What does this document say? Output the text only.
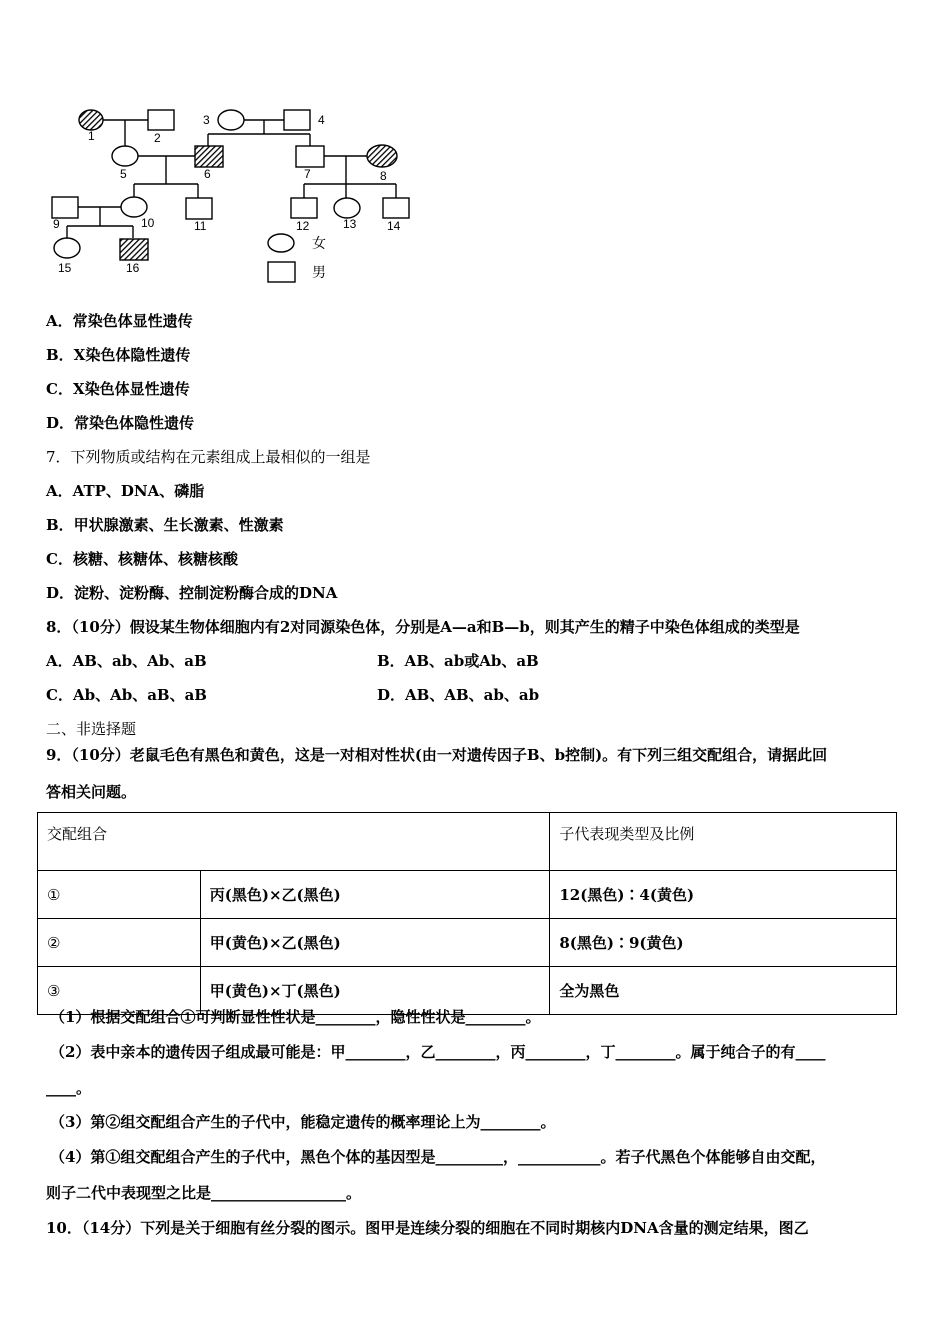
1	2
3	4
5	6	7	8
9	10	11	12	13	14
15	16
女
男
A．常染色体显性遗传
B．X染色体隐性遗传
C．X染色体显性遗传
D．常染色体隐性遗传
7．下列物质或结构在元素组成上最相似的一组是
A．ATP、DNA、磷脂
B．甲状腺激素、生长激素、性激素
C．核糖、核糖体、核糖核酸
D．淀粉、淀粉酶、控制淀粉酶合成的DNA
8．（10分）假设某生物体细胞内有2对同源染色体，分别是A—a和B—b，则其产生的精子中染色体组成的类型是
A．AB、ab、Ab、aB	B．AB、ab或Ab、aB
C．Ab、Ab、aB、aB	D．AB、AB、ab、ab
二、非选择题
9．（10分）老鼠毛色有黑色和黄色，这是一对相对性状(由一对遗传因子B、b控制)。有下列三组交配组合，请据此回
答相关问题。
交配组合		子代表现类型及比例
①	丙(黑色)×乙(黑色)	12(黑色)∶4(黄色)
②	甲(黄色)×乙(黑色)	8(黑色)∶9(黄色)
③	甲(黄色)×丁(黑色)	全为黑色
（1）根据交配组合①可判断显性性状是________，隐性性状是________。
（2）表中亲本的遗传因子组成最可能是：甲________，乙________，丙________，丁________。属于纯合子的有____
____。
（3）第②组交配组合产生的子代中，能稳定遗传的概率理论上为________。
（4）第①组交配组合产生的子代中，黑色个体的基因型是_________，___________。若子代黑色个体能够自由交配，
则子二代中表现型之比是__________________。
10．（14分）下列是关于细胞有丝分裂的图示。图甲是连续分裂的细胞在不同时期核内DNA含量的测定结果，图乙
